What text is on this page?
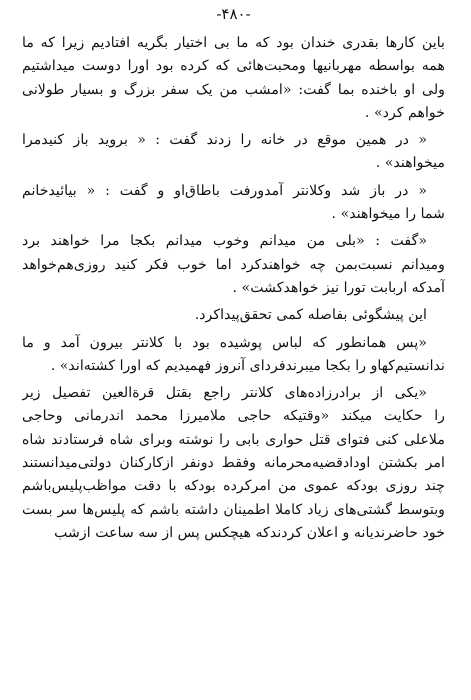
-۴۸۰-
باین کارها بقدری خندان بود که ما بی اختیار بگریه افتادیم زیرا که ما
همه بواسطه مهربانیها ومحبت‌هائی که کرده بود اورا دوست میداشتیم
ولی او باخنده بما گفت: «امشب من یک سفر بزرگ و بسیار طولانی
خواهم کرد» .
« در همین موقع در خانه را زدند گفت : « بروید باز کنیدمرا
میخواهند» .
« در باز شد وکلانتر آمدورفت باطاق‌او و گفت : « بیائیدخانم
شما را میخواهند» .
«گفت : «بلی من میدانم وخوب میدانم بکجا مرا خواهند برد
ومیدانم نسبت‌بمن چه خواهندکرد اما خوب فکر کنید روزی‌هم‌خواهد
آمدکه اربابت تورا نیز خواهدکشت» .
این پیشگوئی بفاصله کمی تحقق‌پیداکرد.
«پس همانطور که لباس پوشیده بود با کلانتر بیرون آمد و ما
ندانستیم‌کهاو را بکجا میبرندفردای آنروز فهمیدیم که اورا کشته‌اند» .
«یکی از برادرزاده‌های کلانتر راجع بقتل قرةالعین تفصیل زیر
را حکایت میکند «وقتیکه حاجی ملامیرزا محمد اندرمانی وحاجی‌
ملاعلی کنی فتوای قتل حواری بابی را نوشته وبرای شاه فرستادند شاه
امر بکشتن اوداد‌قضیه‌محرمانه وفقط دونفر ازکارکنان دولتی‌میدانستند
چند روزی بودکه عموی من امرکرده بودکه با دقت مواظب‌پلیس‌باشم
وبتوسط گشتی‌های زیاد کاملا اطمینان داشته باشم که پلیس‌ها سر بست
خود حاضرندیانه و اعلان کردند‌که هیچکس پس از سه ساعت ازشب
